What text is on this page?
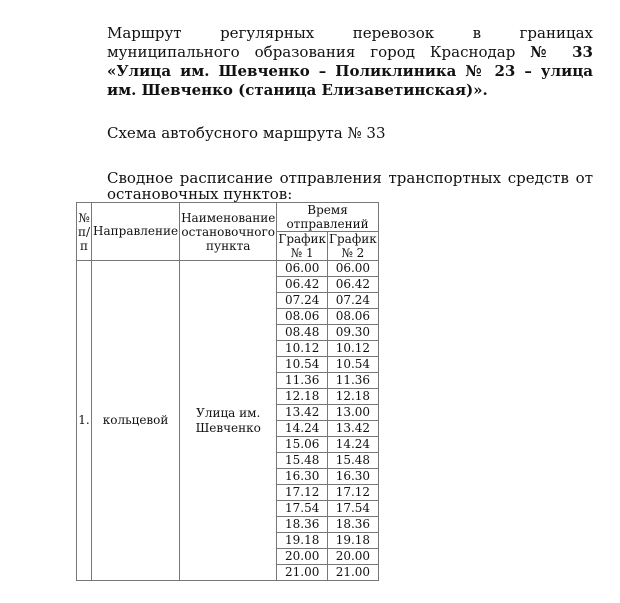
Маршрут регулярных перевозок в границах муниципального образования город Краснодар № 33 «Улица им. Шевченко – Поликлиника № 23 – улица им. Шевченко (станица Елизаветинская)».
Схема автобусного маршрута № 33
Сводное расписание отправления транспортных средств от остановочных пунктов:
№ п/п	Направление	Наименование остановочного пункта	Время отправлений	
			График № 1	График № 2
1.	кольцевой	Улица им. Шевченко	06.00	06.00
			06.42	06.42
			07.24	07.24
			08.06	08.06
			08.48	09.30
			10.12	10.12
			10.54	10.54
			11.36	11.36
			12.18	12.18
			13.42	13.00
			14.24	13.42
			15.06	14.24
			15.48	15.48
			16.30	16.30
			17.12	17.12
			17.54	17.54
			18.36	18.36
			19.18	19.18
			20.00	20.00
			21.00	21.00
